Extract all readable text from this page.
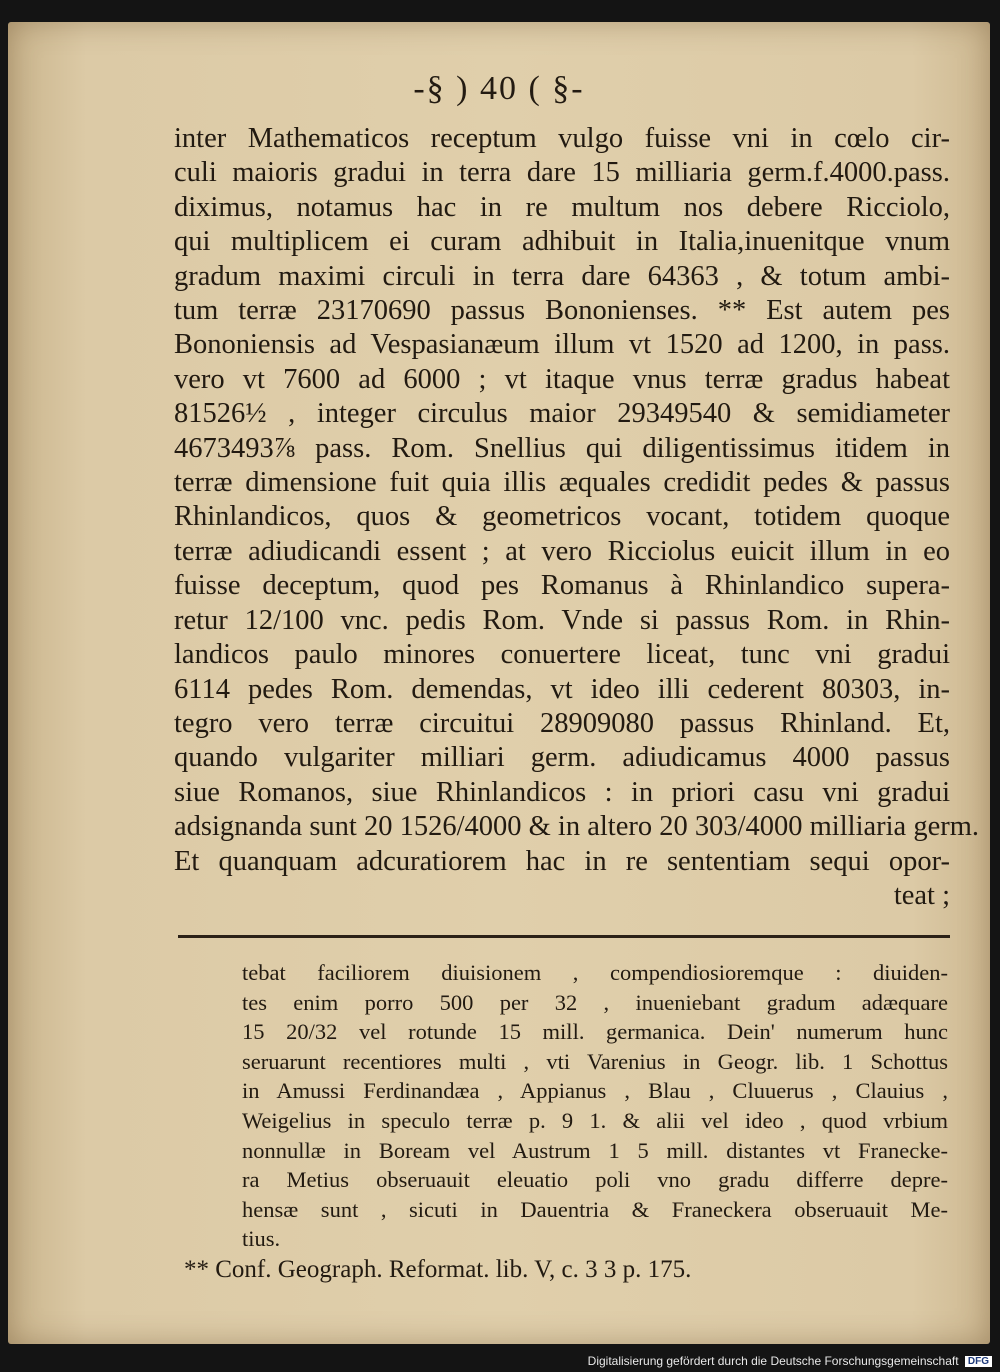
-§ ) 40 ( §-
inter Mathematicos receptum vulgo fuisse vni in cœlo cir-
culi maioris gradui in terra dare 15 milliaria germ.f.4000.pass.
diximus, notamus hac in re multum nos debere Ricciolo,
qui multiplicem ei curam adhibuit in Italia,inuenitque vnum
gradum maximi circuli in terra dare 64363 , & totum ambi-
tum terræ 23170690 passus Bononienses. ** Est autem pes
Bononiensis ad Vespasianæum illum vt 1520 ad 1200, in pass.
vero vt 7600 ad 6000 ; vt itaque vnus terræ gradus habeat
81526½ , integer circulus maior 29349540 & semidiameter
4673493⅞ pass. Rom. Snellius qui diligentissimus itidem in
terræ dimensione fuit quia illis æquales credidit pedes & passus
Rhinlandicos, quos & geometricos vocant, totidem quoque
terræ adiudicandi essent ; at vero Ricciolus euicit illum in eo
fuisse deceptum, quod pes Romanus à Rhinlandico supera-
retur 12/100 vnc. pedis Rom. Vnde si passus Rom. in Rhin-
landicos paulo minores conuertere liceat, tunc vni gradui
6114 pedes Rom. demendas, vt ideo illi cederent 80303, in-
tegro vero terræ circuitui 28909080 passus Rhinland. Et,
quando vulgariter milliari germ. adiudicamus 4000 passus
siue Romanos, siue Rhinlandicos : in priori casu vni gradui
adsignanda sunt 20 1526/4000 & in altero 20 303/4000 milliaria germ.
Et quanquam adcuratiorem hac in re sententiam sequi opor-
teat ;
tebat faciliorem diuisionem , compendiosioremque : diuiden-
tes enim porro 500 per 32 , inueniebant gradum adæquare
15 20/32 vel rotunde 15 mill. germanica. Dein' numerum hunc
seruarunt recentiores multi , vti Varenius in Geogr. lib. 1 Schottus
in Amussi Ferdinandæa , Appianus , Blau , Cluuerus , Clauius ,
Weigelius in speculo terræ p. 9 1. & alii vel ideo , quod vrbium
nonnullæ in Boream vel Austrum 1 5 mill. distantes vt Franecke-
ra Metius obseruauit eleuatio poli vno gradu differre depre-
hensæ sunt , sicuti in Dauentria & Franeckera obseruauit Me-
tius.
** Conf. Geograph. Reformat. lib. V, c. 3 3 p. 175.
Digitalisierung gefördert durch die Deutsche Forschungsgemeinschaft DFG
